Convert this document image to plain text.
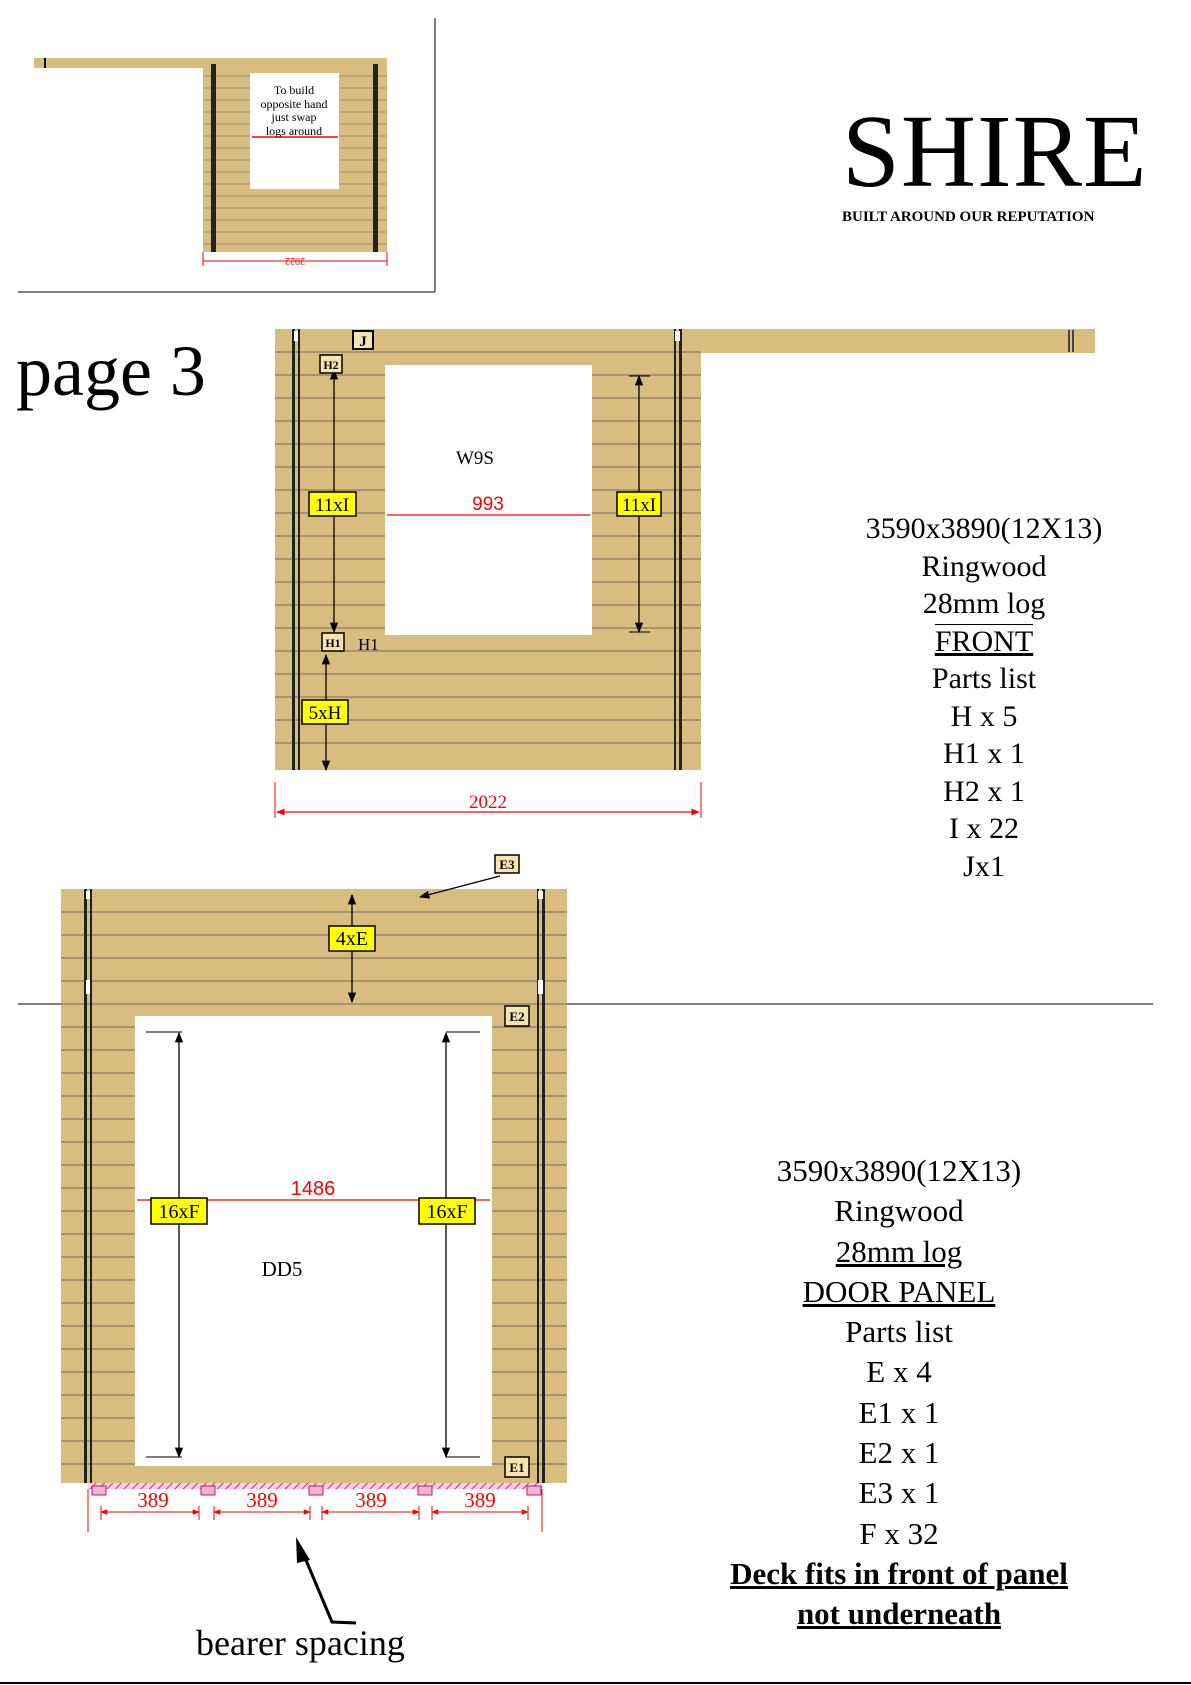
2022
W9S
993
2022
J
H2
H1 H1
11xI	11xI
5xH
DD5
1486
E3
E2
E1
4xE
16xF	16xF
389	389	389	389
page 3
SHIRE
BUILT AROUND OUR REPUTATION
To build
opposite hand
just swap
logs around
3590x3890(12X13)
Ringwood
28mm log
FRONT
Parts list
H x 5
H1 x 1
H2 x 1
I x 22
Jx1
3590x3890(12X13)
Ringwood
28mm log
DOOR PANEL
Parts list
E x 4
E1 x 1
E2 x 1
E3 x 1
F x 32
Deck fits in front of panel
not underneath
bearer spacing
